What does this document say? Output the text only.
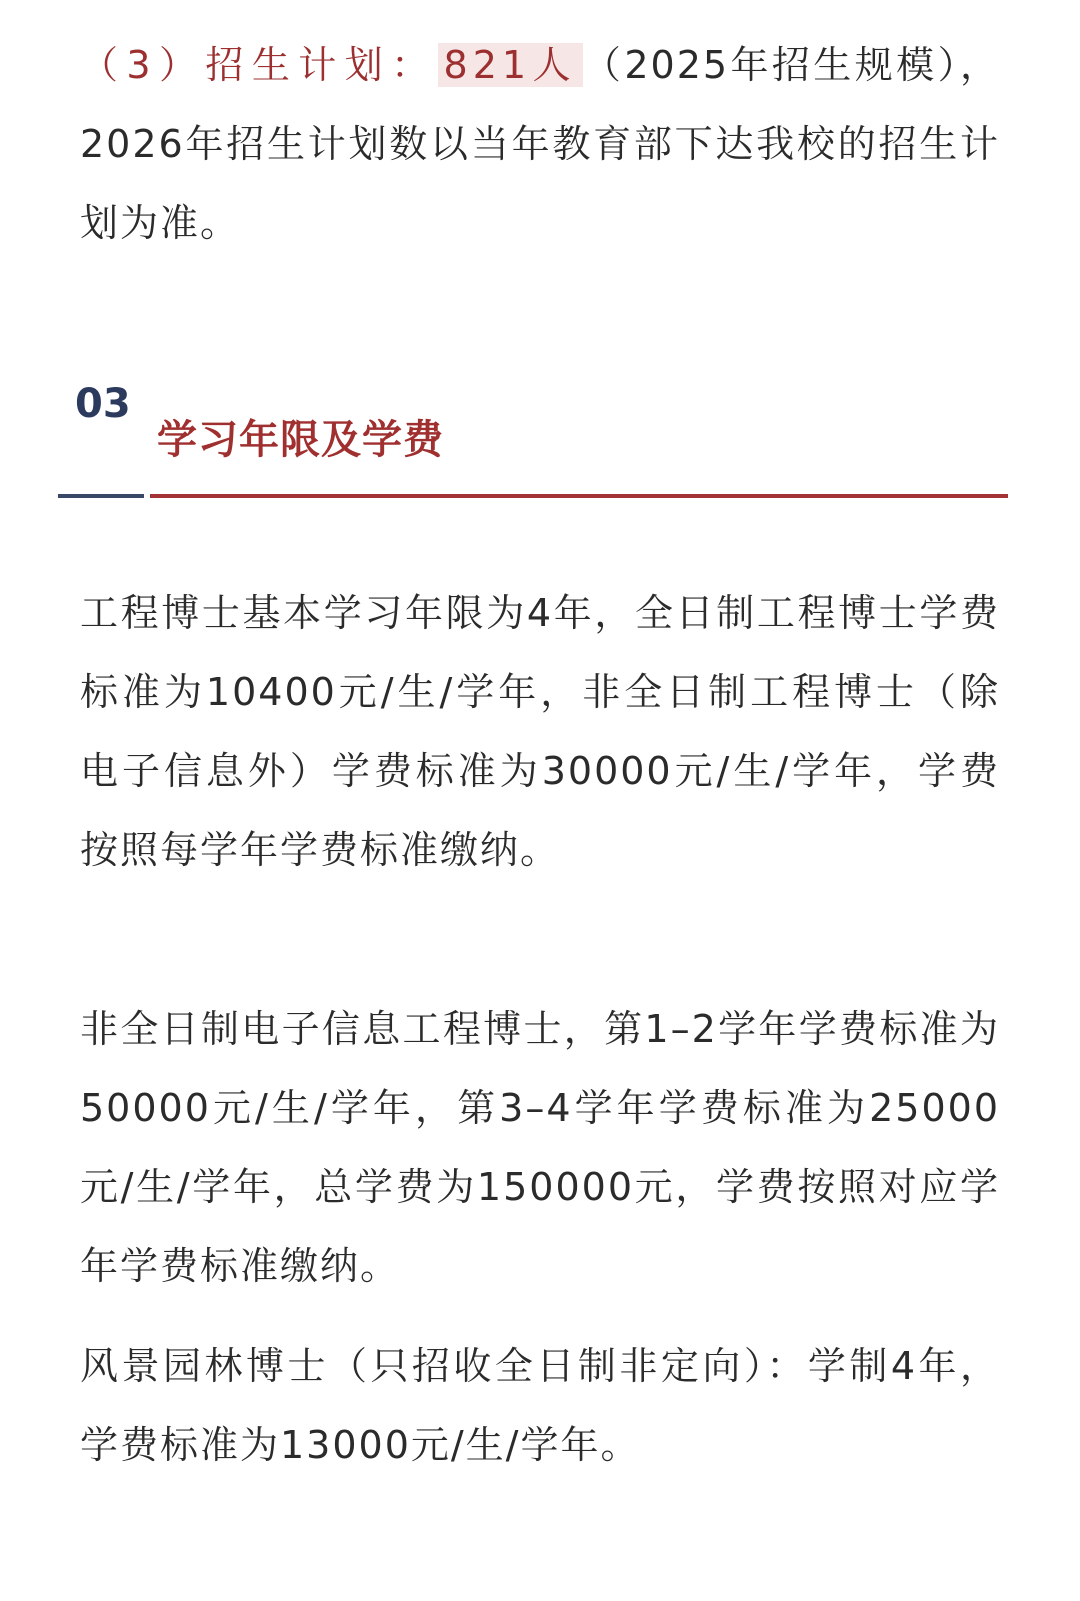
（3）招生计划： 821人 （2025年招生规模），2026年招生计划数以当年教育部下达我校的招生计划为准。

03
学习年限及学费

工程博士基本学习年限为4年，全日制工程博士学费标准为10400元/生/学年，非全日制工程博士（除电子信息外）学费标准为30000元/生/学年，学费按照每学年学费标准缴纳。

非全日制电子信息工程博士，第1–2学年学费标准为50000元/生/学年，第3–4学年学费标准为25000元/生/学年，总学费为150000元，学费按照对应学年学费标准缴纳。

风景园林博士（只招收全日制非定向）：学制4年，学费标准为13000元/生/学年。
